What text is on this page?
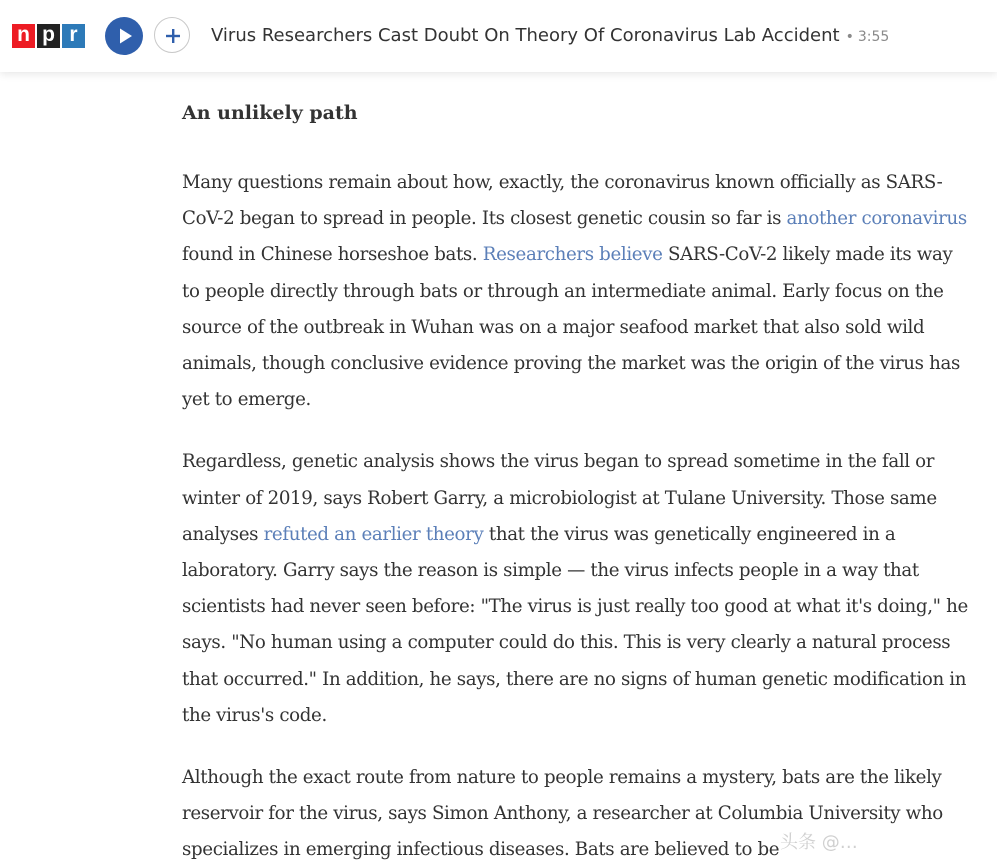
n p r	Virus Researchers Cast Doubt On Theory Of Coronavirus Lab Accident • 3:55
An unlikely path

Many questions remain about how, exactly, the coronavirus known officially as SARS-CoV-2 began to spread in people. Its closest genetic cousin so far is another coronavirus found in Chinese horseshoe bats. Researchers believe SARS-CoV-2 likely made its way to people directly through bats or through an intermediate animal. Early focus on the source of the outbreak in Wuhan was on a major seafood market that also sold wild animals, though conclusive evidence proving the market was the origin of the virus has yet to emerge.

Regardless, genetic analysis shows the virus began to spread sometime in the fall or winter of 2019, says Robert Garry, a microbiologist at Tulane University. Those same analyses refuted an earlier theory that the virus was genetically engineered in a laboratory. Garry says the reason is simple — the virus infects people in a way that scientists had never seen before: "The virus is just really too good at what it's doing," he says. "No human using a computer could do this. This is very clearly a natural process that occurred." In addition, he says, there are no signs of human genetic modification in the virus's code.

Although the exact route from nature to people remains a mystery, bats are the likely reservoir for the virus, says Simon Anthony, a researcher at Columbia University who specializes in emerging infectious diseases. Bats are believed to be 头条 @…
